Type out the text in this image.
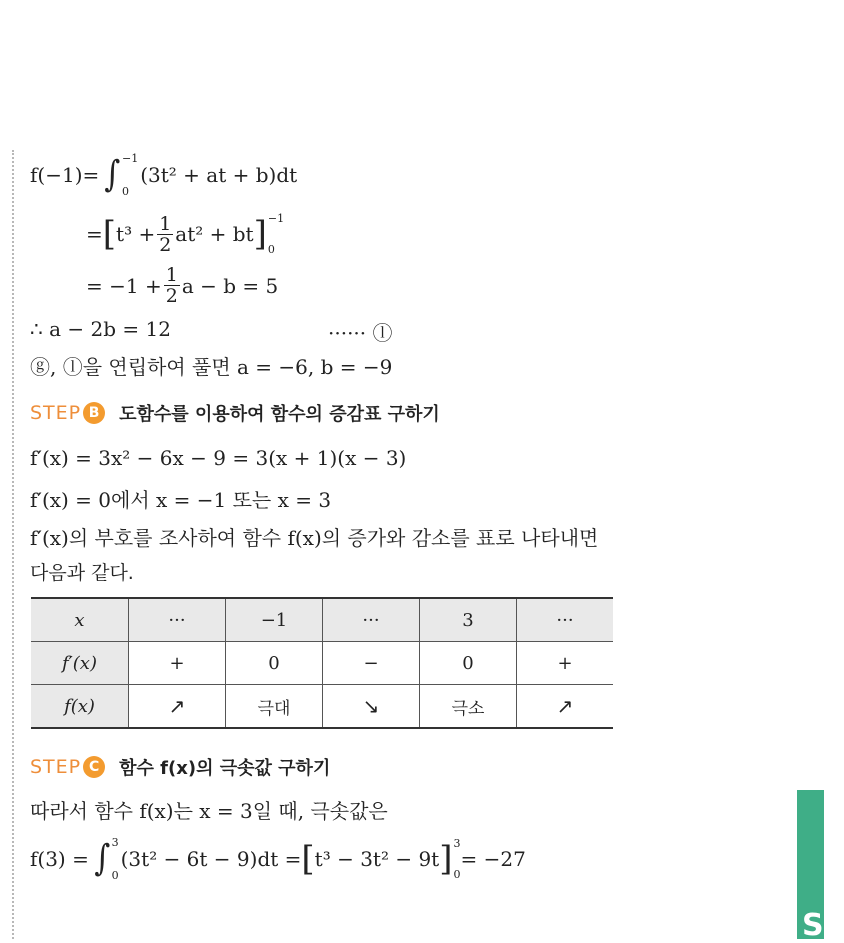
S
f(−1)= ∫ −1
0
(3t² + at + b)dt
= [ $t^3 + \frac{1}{2} at^2$ + bt ] −1
0
= $-1 + \frac{1}{2}$ a − b = 5
∴ a − 2b = 12	······ ⓛ
ⓖ, ⓛ을 연립하여 풀면 a = −6, b = −9
STEP B	도함수를 이용하여 함수의 증감표 구하기
f′(x) = 3x² − 6x − 9 = 3(x + 1)(x − 3)
f′(x) = 0에서 x = −1 또는 x = 3
f′(x)의 부호를 조사하여 함수 f(x)의 증가와 감소를 표로 나타내면
다음과 같다.
x	···	−1	···	3	···
f′(x)	+	0	−	0	+
f(x)	↗	극대	↘	극소	↗
STEP C	함수 f(x)의 극솟값 구하기
따라서 함수 f(x)는 x = 3일 때, 극솟값은
f(3) = ∫ 3
0
(3t² − 6t − 9)dt = [ t³ − 3t² − 9t ] 3
0
= −27
